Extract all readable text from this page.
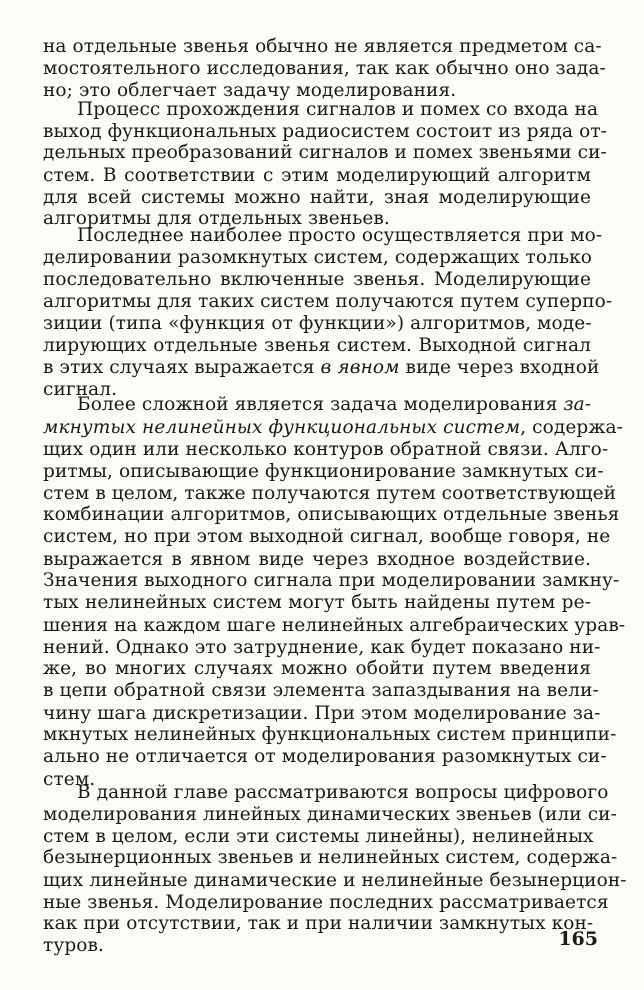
на отдельные звенья обычно не является предметом са-
мостоятельного исследования, так как обычно оно зада-
но; это облегчает задачу моделирования.
Процесс прохождения сигналов и помех со входа на
выход функциональных радиосистем состоит из ряда от-
дельных преобразований сигналов и помех звеньями си-
стем. В соответствии с этим моделирующий алгоритм
для всей системы можно найти, зная моделирующие
алгоритмы для отдельных звеньев.
Последнее наиболее просто осуществляется при мо-
делировании разомкнутых систем, содержащих только
последовательно включенные звенья. Моделирующие
алгоритмы для таких систем получаются путем суперпо-
зиции (типа «функция от функции») алгоритмов, моде-
лирующих отдельные звенья систем. Выходной сигнал
в этих случаях выражается в явном виде через входной
сигнал.
Более сложной является задача моделирования за-
мкнутых нелинейных функциональных систем, содержа-
щих один или несколько контуров обратной связи. Алго-
ритмы, описывающие функционирование замкнутых си-
стем в целом, также получаются путем соответствующей
комбинации алгоритмов, описывающих отдельные звенья
систем, но при этом выходной сигнал, вообще говоря, не
выражается в явном виде через входное воздействие.
Значения выходного сигнала при моделировании замкну-
тых нелинейных систем могут быть найдены путем ре-
шения на каждом шаге нелинейных алгебраических урав-
нений. Однако это затруднение, как будет показано ни-
же, во многих случаях можно обойти путем введения
в цепи обратной связи элемента запаздывания на вели-
чину шага дискретизации. При этом моделирование за-
мкнутых нелинейных функциональных систем принципи-
ально не отличается от моделирования разомкнутых си-
стем.
В данной главе рассматриваются вопросы цифрового
моделирования линейных динамических звеньев (или си-
стем в целом, если эти системы линейны), нелинейных
безынерционных звеньев и нелинейных систем, содержа-
щих линейные динамические и нелинейные безынерцион-
ные звенья. Моделирование последних рассматривается
как при отсутствии, так и при наличии замкнутых кон-
туров.	165
